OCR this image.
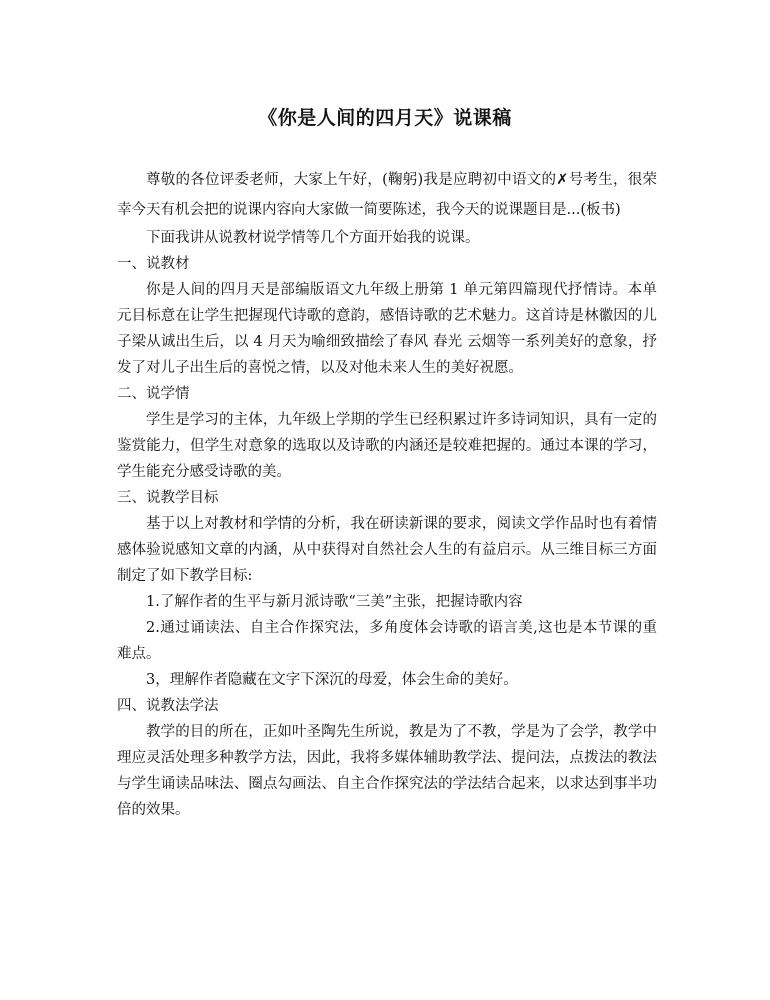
《你是人间的四月天》说课稿

尊敬的各位评委老师，大家上午好，(鞠躬)我是应聘初中语文的✗号考生，很荣幸今天有机会把的说课内容向大家做一简要陈述，我今天的说课题目是...(板书)

下面我讲从说教材说学情等几个方面开始我的说课。

一、说教材

你是人间的四月天是部编版语文九年级上册第 1 单元第四篇现代抒情诗。本单元目标意在让学生把握现代诗歌的意韵，感悟诗歌的艺术魅力。这首诗是林徽因的儿子梁从诚出生后，以 4 月天为喻细致描绘了春风 春光 云烟等一系列美好的意象，抒发了对儿子出生后的喜悦之情，以及对他未来人生的美好祝愿。

二、说学情

学生是学习的主体，九年级上学期的学生已经积累过许多诗词知识，具有一定的鉴赏能力，但学生对意象的选取以及诗歌的内涵还是较难把握的。通过本课的学习，学生能充分感受诗歌的美。

三、说教学目标

基于以上对教材和学情的分析，我在研读新课的要求，阅读文学作品时也有着情感体验说感知文章的内涵，从中获得对自然社会人生的有益启示。从三维目标三方面制定了如下教学目标:

1.了解作者的生平与新月派诗歌“三美”主张，把握诗歌内容

2.通过诵读法、自主合作探究法，多角度体会诗歌的语言美,这也是本节课的重难点。

3，理解作者隐藏在文字下深沉的母爱，体会生命的美好。

四、说教法学法

教学的目的所在，正如叶圣陶先生所说，教是为了不教，学是为了会学，教学中理应灵活处理多种教学方法，因此，我将多媒体辅助教学法、提问法，点拨法的教法与学生诵读品味法、圈点勾画法、自主合作探究法的学法结合起来，以求达到事半功倍的效果。
